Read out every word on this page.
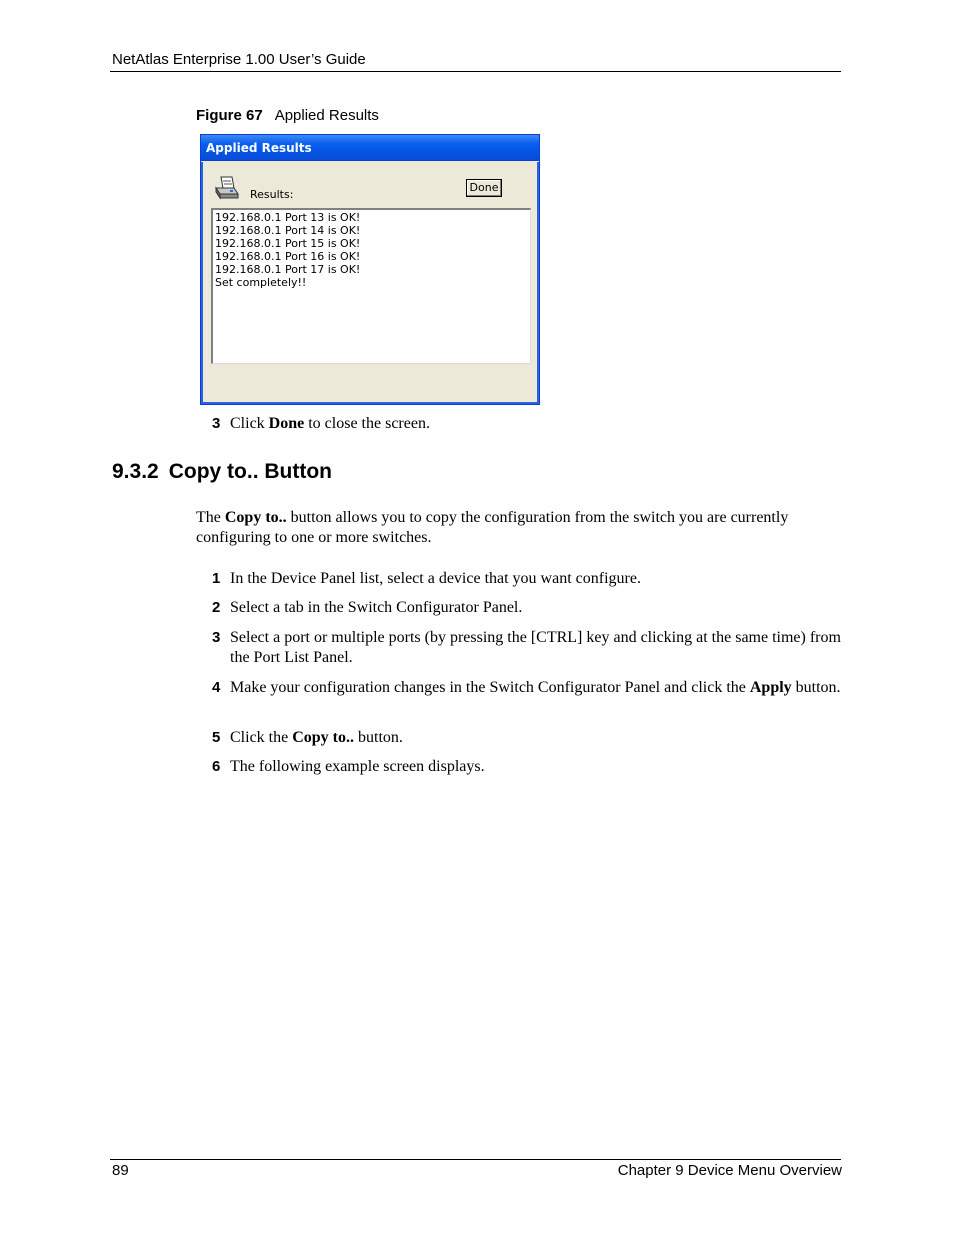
NetAtlas Enterprise 1.00 User’s Guide
Figure 67 Applied Results
Applied Results
Results:
Done
192.168.0.1 Port 13 is OK!
192.168.0.1 Port 14 is OK!
192.168.0.1 Port 15 is OK!
192.168.0.1 Port 16 is OK!
192.168.0.1 Port 17 is OK!
Set completely!!
3 Click Done to close the screen.
9.3.2 Copy to.. Button
The Copy to.. button allows you to copy the configuration from the switch you are currently configuring to one or more switches.
1 In the Device Panel list, select a device that you want configure.
2 Select a tab in the Switch Configurator Panel.
3 Select a port or multiple ports (by pressing the [CTRL] key and clicking at the same time) from the Port List Panel.
4 Make your configuration changes in the Switch Configurator Panel and click the Apply button.
5 Click the Copy to.. button.
6 The following example screen displays.
89	Chapter 9 Device Menu Overview
